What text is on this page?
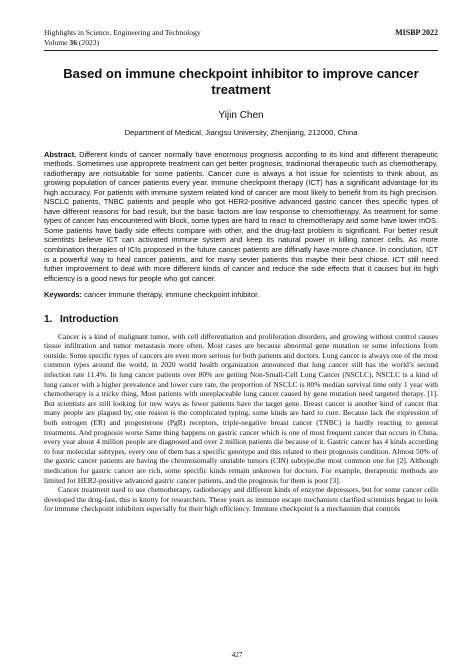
Highlights in Science, Engineering and Technology	MISBP 2022
Volume 36 (2023)
Based on immune checkpoint inhibitor to improve cancer treatment
Yijin Chen
Department of Medical, Jiangsu University, Zhenjiang, 212000, China
Abstract. Different kinds of cancer normally have enormous prognosis according to its kind and different therapeutic methods. Sometimes use approprete treatment can get better prognosis, tradinional therapeutic such as chemotherapy, radiotherapy are notsuitable for some patients. Cancer cure is always a hot issue for scientists to think about, as growing population of cancer patients every year. Immune checkpoint therapy (ICT) has a significant advantage for its high accuracy. For patients with immune system related kind of cancer are most likely to benefit from its high precision. NSCLC patients, TNBC patients and people who got HER2-positive advanced gastric cancer thes specific types of have different reasons for bad result, but the basic factors are low response to chemotherapy. As treatment for some types of cancer has encountered with block, some types are hard to react to chemotherapy and some have lower mOS. Some patients have badly side effects compare with other, and the drug-fast problem is significant. For better result scientists believe ICT can activated immune system and keep its natural power in killing cancer cells. As more combination therapies of ICIs proposed in the future cancer patients are diffinatly have more chance. In conclution, ICT is a powerful way to heal cancer patients, and for many sevier patients this maybe their best chiose. ICT still need futher improvement to deal with more different kinds of cancer and reduce the side effects that it causes but its high efficiency is a good news for people who got cancer.
Keywords: cancer immune therapy, immune checkpoint inhibitor.
1. Introduction

Cancer is a kind of malignant tumor, with cell differentiation and proliferation disorders, and growing without control causes tissue infiltration and tumor metastasis more often. Most cases are because abnormal gene mutation or some infections from outside. Some specific types of cancers are even more serious for both patients and doctors. Lung cancer is always one of the most common types around the world, in 2020 world health organization announced that lung cancer still has the world’s second infection rate 11.4%. In lung cancer patients over 80% are getting Non-Small-Cell Lung Cancer (NSCLC), NSCLC is a kind of lung cancer with a higher prevalence and lower cure rate, the proportion of NSCLC is 80% median survival time only 1 year with chemotherapy is a tricky thing. Most patients with unreplaceable lung cancer caused by gene mutation need targeted therapy. [1]. But scientists are still looking for new ways as fewer patients have the target gene. Breast cancer is another kind of cancer that many people are plagued by, one reason is the complicated typing, some kinds are hard to cure. Because lack the expression of both estrogen (ER) and progesterone (PgR) receptors, triple-negative breast cancer (TNBC) is hardly reacting to general treatments. And prognosis worse Same thing happens on gastric cancer which is one of most frequent cancer that occurs in China, every year about 4 million people are diagnosed and over 2 million patients die because of it. Gastric cancer has 4 kinds according to four molecular subtypes, every one of them has a specific genotype and this related to their prognosis condition. Almost 50% of the gastric cancer patients are having the chromosomally unstable tumors (CIN) subtype,the most common one for [2]. Although medication for gastric cancer are rich, some specific kinds remain unknown for doctors. For example, therapeutic methods are limited for HER2-positive advanced gastric cancer patients, and the prognosis for them is poor [3].

Cancer treatment used to use chemotherapy, radiotherapy and different kinds of enzyme depressors, but for some cancer cells developed the drug-fast, this is knotty for researchers. These years as immune escape mechanism clarified scientists began to look for immune checkpoint inhibitors especially for their high efficiency. Immune checkpoint is a mechanism that controls

427
